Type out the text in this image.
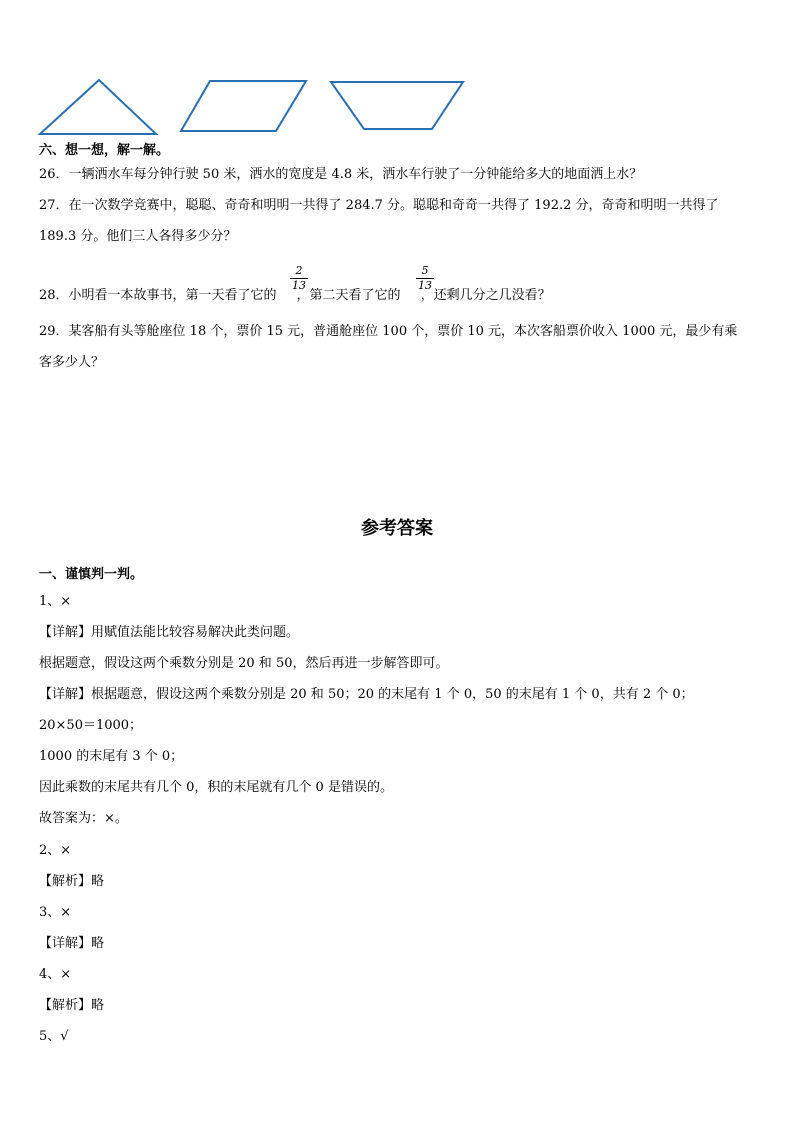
六、想一想，解一解。
26．一辆洒水车每分钟行驶 50 米，洒水的宽度是 4.8 米，洒水车行驶了一分钟能给多大的地面洒上水？
27．在一次数学竞赛中，聪聪、奇奇和明明一共得了 284.7 分。聪聪和奇奇一共得了 192.2 分，奇奇和明明一共得了
189.3 分。他们三人各得多少分？
28．小明看一本故事书，第一天看了它的 ，第二天看了它的 ，还剩几分之几没看？
2
13
5
13
29．某客船有头等舱座位 18 个，票价 15 元，普通舱座位 100 个，票价 10 元，本次客船票价收入 1000 元，最少有乘
客多少人？
参考答案
一、谨慎判一判。
1、×
【详解】用赋值法能比较容易解决此类问题。
根据题意，假设这两个乘数分别是 20 和 50，然后再进一步解答即可。
【详解】根据题意，假设这两个乘数分别是 20 和 50；20 的末尾有 1 个 0，50 的末尾有 1 个 0，共有 2 个 0；
20×50＝1000；
1000 的末尾有 3 个 0；
因此乘数的末尾共有几个 0，积的末尾就有几个 0 是错误的。
故答案为：×。
2、×
【解析】略
3、×
【详解】略
4、×
【解析】略
5、√
